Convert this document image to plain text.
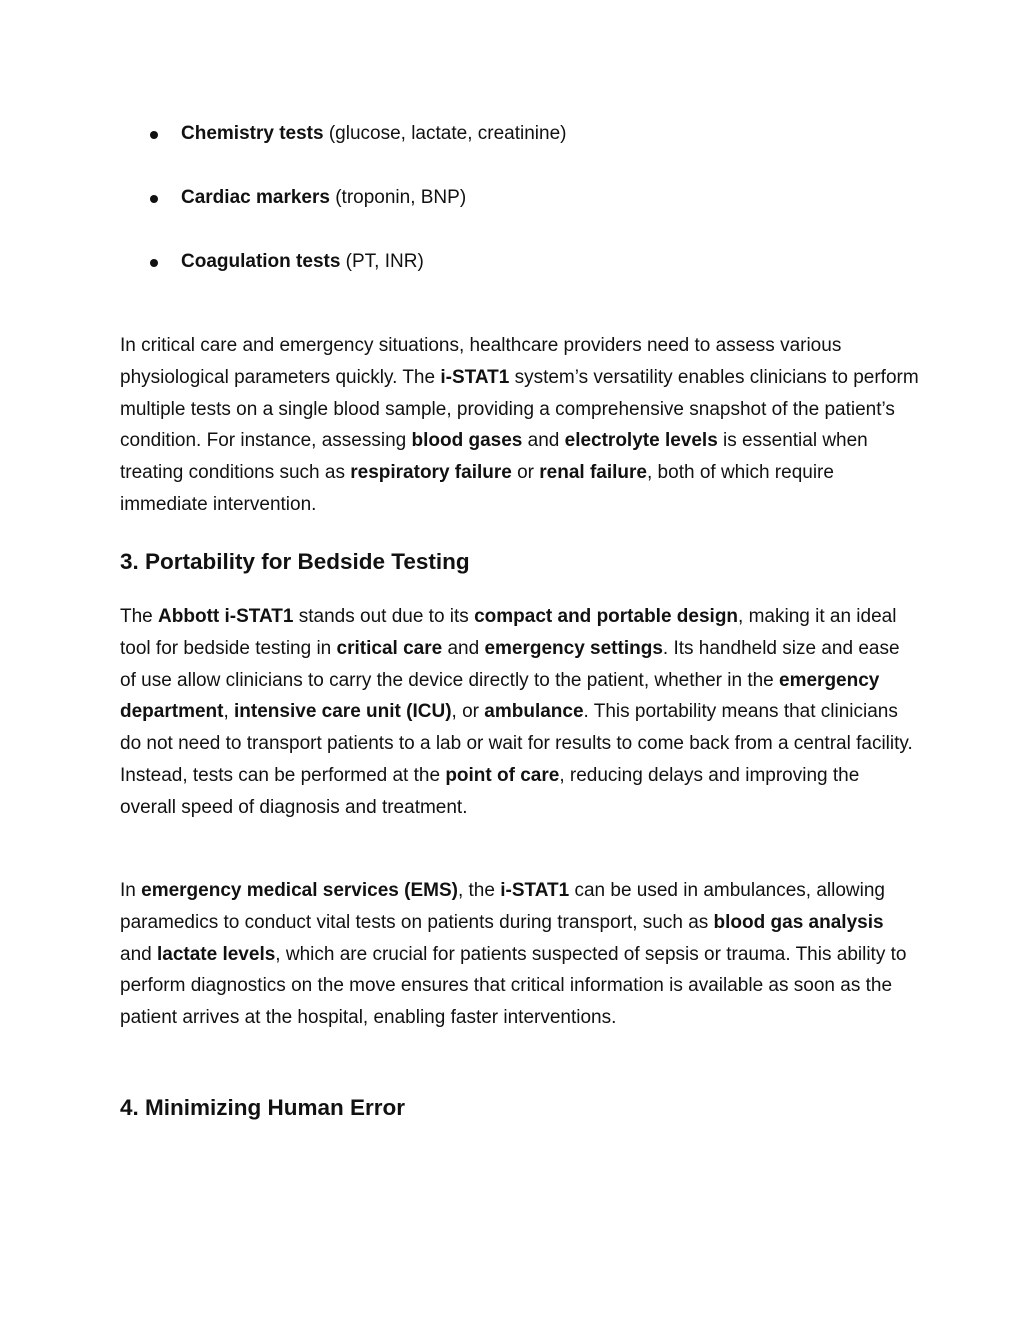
Chemistry tests (glucose, lactate, creatinine)
Cardiac markers (troponin, BNP)
Coagulation tests (PT, INR)

In critical care and emergency situations, healthcare providers need to assess various physiological parameters quickly. The i-STAT1 system’s versatility enables clinicians to perform multiple tests on a single blood sample, providing a comprehensive snapshot of the patient’s condition. For instance, assessing blood gases and electrolyte levels is essential when treating conditions such as respiratory failure or renal failure, both of which require immediate intervention.

3. Portability for Bedside Testing

The Abbott i-STAT1 stands out due to its compact and portable design, making it an ideal tool for bedside testing in critical care and emergency settings. Its handheld size and ease of use allow clinicians to carry the device directly to the patient, whether in the emergency department, intensive care unit (ICU), or ambulance. This portability means that clinicians do not need to transport patients to a lab or wait for results to come back from a central facility. Instead, tests can be performed at the point of care, reducing delays and improving the overall speed of diagnosis and treatment.

In emergency medical services (EMS), the i-STAT1 can be used in ambulances, allowing paramedics to conduct vital tests on patients during transport, such as blood gas analysis and lactate levels, which are crucial for patients suspected of sepsis or trauma. This ability to perform diagnostics on the move ensures that critical information is available as soon as the patient arrives at the hospital, enabling faster interventions.

4. Minimizing Human Error
